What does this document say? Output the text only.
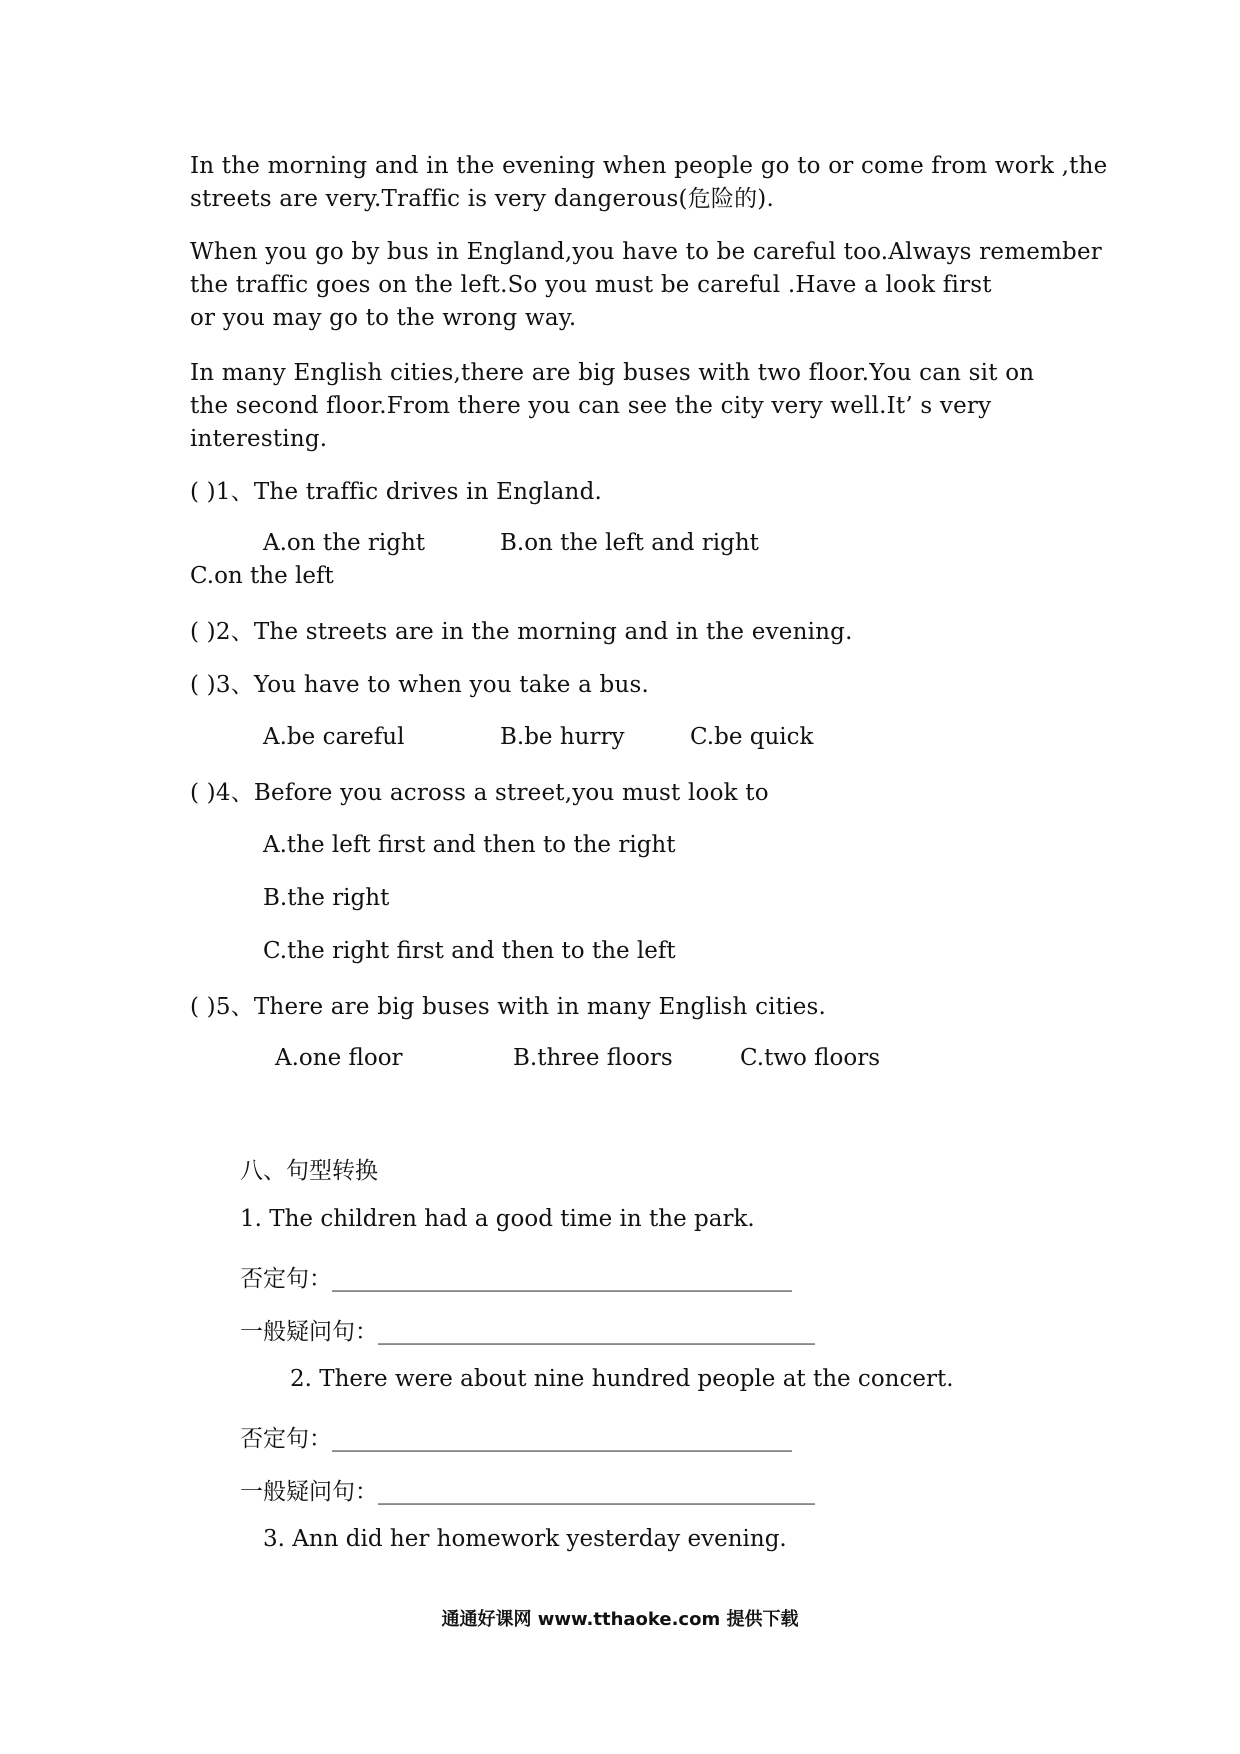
In the morning and in the evening when people go to or come from work ,the
streets are very.Traffic is very dangerous(危险的).
When you go by bus in England,you have to be careful too.Always remember
the traffic goes on the left.So you must be careful .Have a look first
or you may go to the wrong way.
In many English cities,there are big buses with two floor.You can sit on
the second floor.From there you can see the city very well.It’ s very
interesting.
( )1、The traffic drives in England.
A.on the right	B.on the left and right
C.on the left
( )2、The streets are in the morning and in the evening.
( )3、You have to when you take a bus.
A.be careful	B.be hurry	C.be quick
( )4、Before you across a street,you must look to
A.the left first and then to the right
B.the right
C.the right first and then to the left
( )5、There are big buses with in many English cities.
A.one floor	B.three floors	C.two floors
八、句型转换
1. The children had a good time in the park.
否定句：________________________________________
一般疑问句：______________________________________
2. There were about nine hundred people at the concert.
否定句：________________________________________
一般疑问句：______________________________________
3. Ann did her homework yesterday evening.
通通好课网 www.tthaoke.com 提供下载
